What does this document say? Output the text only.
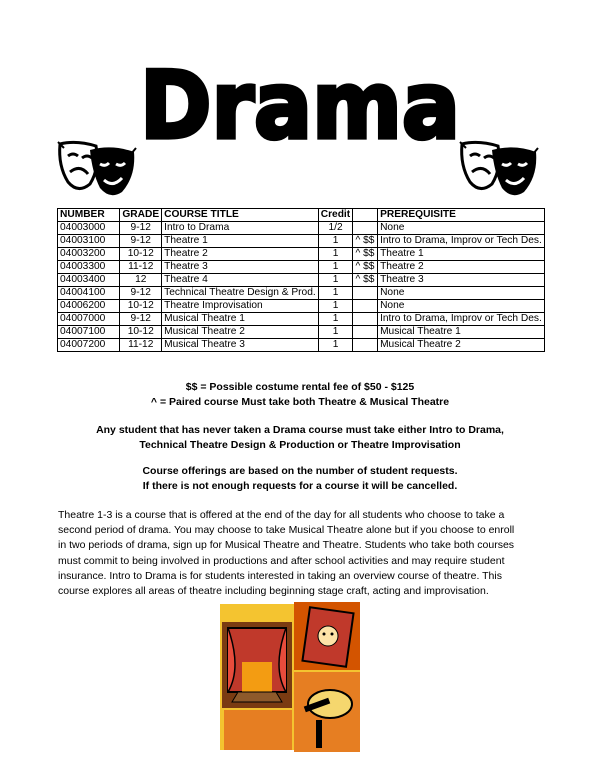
Drama
NUMBER	GRADE	COURSE TITLE	Credit		PREREQUISITE
04003000	9-12	Intro to Drama	1/2		None
04003100	9-12	Theatre 1	1	^ $$	Intro to Drama, Improv or Tech Des.
04003200	10-12	Theatre 2	1	^ $$	Theatre 1
04003300	11-12	Theatre 3	1	^ $$	Theatre 2
04003400	12	Theatre 4	1	^ $$	Theatre 3
04004100	9-12	Technical Theatre Design & Prod.	1		None
04006200	10-12	Theatre Improvisation	1		None
04007000	9-12	Musical Theatre 1	1		Intro to Drama, Improv or Tech Des.
04007100	10-12	Musical Theatre 2	1		Musical Theatre 1
04007200	11-12	Musical Theatre 3	1		Musical Theatre 2
$$ = Possible costume rental fee of $50 - $125
^ = Paired course Must take both Theatre & Musical Theatre
Any student that has never taken a Drama course must take either Intro to Drama,
Technical Theatre Design & Production or Theatre Improvisation
Course offerings are based on the number of student requests.
If there is not enough requests for a course it will be cancelled.
Theatre 1-3 is a course that is offered at the end of the day for all students who choose to take a
second period of drama. You may choose to take Musical Theatre alone but if you choose to enroll
in two periods of drama, sign up for Musical Theatre and Theatre. Students who take both courses
must commit to being involved in productions and after school activities and may require student
insurance. Intro to Drama is for students interested in taking an overview course of theatre. This
course explores all areas of theatre including beginning stage craft, acting and improvisation.
